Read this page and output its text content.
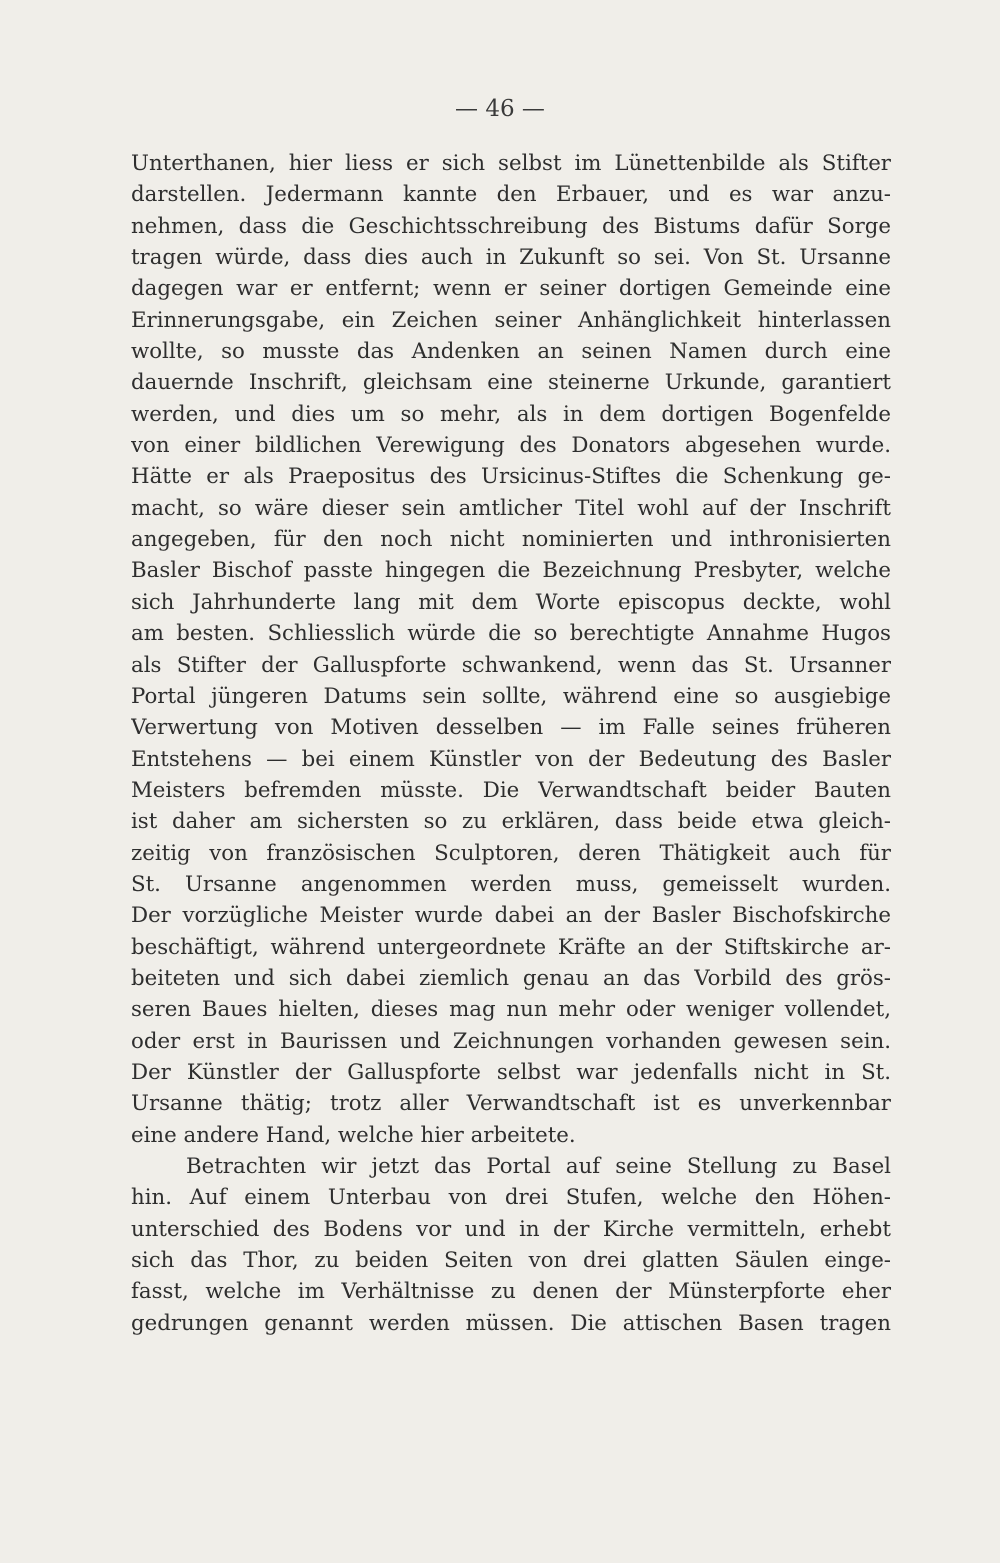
— 46 —
Unterthanen, hier liess er sich selbst im Lünettenbilde als Stifter
darstellen. Jedermann kannte den Erbauer, und es war anzu-
nehmen, dass die Geschichtsschreibung des Bistums dafür Sorge
tragen würde, dass dies auch in Zukunft so sei. Von St. Ursanne
dagegen war er entfernt; wenn er seiner dortigen Gemeinde eine
Erinnerungsgabe, ein Zeichen seiner Anhänglichkeit hinterlassen
wollte, so musste das Andenken an seinen Namen durch eine
dauernde Inschrift, gleichsam eine steinerne Urkunde, garantiert
werden, und dies um so mehr, als in dem dortigen Bogenfelde
von einer bildlichen Verewigung des Donators abgesehen wurde.
Hätte er als Praepositus des Ursicinus-Stiftes die Schenkung ge-
macht, so wäre dieser sein amtlicher Titel wohl auf der Inschrift
angegeben, für den noch nicht nominierten und inthronisierten
Basler Bischof passte hingegen die Bezeichnung Presbyter, welche
sich Jahrhunderte lang mit dem Worte episcopus deckte, wohl
am besten. Schliesslich würde die so berechtigte Annahme Hugos
als Stifter der Galluspforte schwankend, wenn das St. Ursanner
Portal jüngeren Datums sein sollte, während eine so ausgiebige
Verwertung von Motiven desselben — im Falle seines früheren
Entstehens — bei einem Künstler von der Bedeutung des Basler
Meisters befremden müsste. Die Verwandtschaft beider Bauten
ist daher am sichersten so zu erklären, dass beide etwa gleich-
zeitig von französischen Sculptoren, deren Thätigkeit auch für
St. Ursanne angenommen werden muss, gemeisselt wurden.
Der vorzügliche Meister wurde dabei an der Basler Bischofskirche
beschäftigt, während untergeordnete Kräfte an der Stiftskirche ar-
beiteten und sich dabei ziemlich genau an das Vorbild des grös-
seren Baues hielten, dieses mag nun mehr oder weniger vollendet,
oder erst in Baurissen und Zeichnungen vorhanden gewesen sein.
Der Künstler der Galluspforte selbst war jedenfalls nicht in St.
Ursanne thätig; trotz aller Verwandtschaft ist es unverkennbar
eine andere Hand, welche hier arbeitete.
Betrachten wir jetzt das Portal auf seine Stellung zu Basel
hin. Auf einem Unterbau von drei Stufen, welche den Höhen-
unterschied des Bodens vor und in der Kirche vermitteln, erhebt
sich das Thor, zu beiden Seiten von drei glatten Säulen einge-
fasst, welche im Verhältnisse zu denen der Münsterpforte eher
gedrungen genannt werden müssen. Die attischen Basen tragen
